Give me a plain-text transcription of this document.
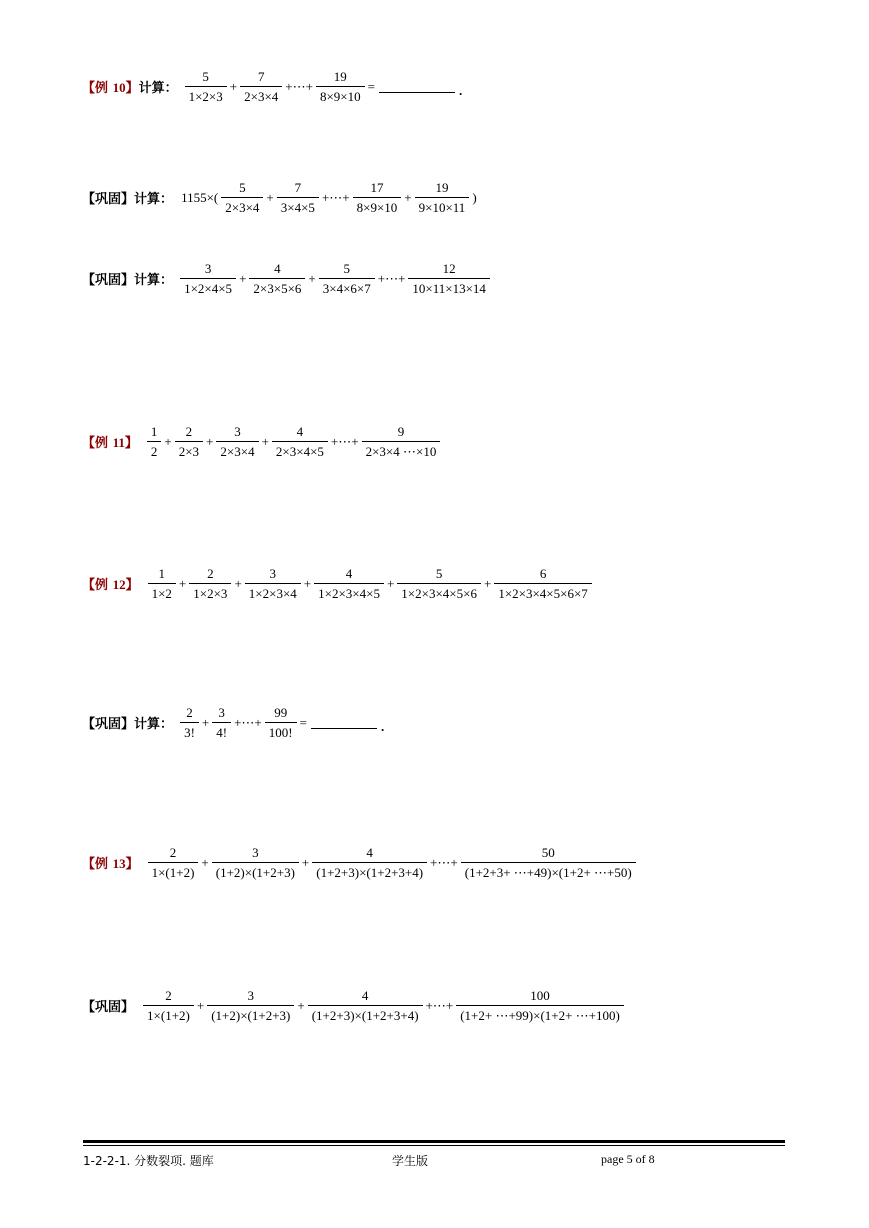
【例 10】 计算： $\frac{5}{1\times 2\times 3} + \frac{7}{2\times 3\times 4}$ +⋯+ $\frac{19}{8\times 9\times 10}$ =	.
【巩固】 计算： $1155\times( \frac{5}{2\times 3\times 4} + \frac{7}{3\times 4\times 5}$ +⋯+ $\frac{17}{8\times 9\times 10} + \frac{19}{9\times 10\times 11}$ )
【巩固】 计算： $\frac{3}{1\times 2\times 4\times 5} + \frac{4}{2\times 3\times 5\times 6} + \frac{5}{3\times 4\times 6\times 7}$ +⋯+ $\frac{12}{10\times 11\times 13\times 14}$
【例 11】 $\frac{1}{2} + \frac{2}{2\times 3} + \frac{3}{2\times 3\times 4} + \frac{4}{2\times 3\times 4\times 5}$ +⋯+ $\frac{9}{2\times 3\times 4 \cdots\times 10}$
【例 12】 $\frac{1}{1\times 2} + \frac{2}{1\times 2\times 3} + \frac{3}{1\times 2\times 3\times 4} + \frac{4}{1\times 2\times 3\times 4\times 5} + \frac{5}{1\times 2\times 3\times 4\times 5\times 6} + \frac{6}{1\times 2\times 3\times 4\times 5\times 6\times 7}$
【巩固】 计算： $\frac{2}{3!} + \frac{3}{4!}$ +⋯+ $\frac{99}{100!}$ =	.
【例 13】 $\frac{2}{1\times(1+2)} + \frac{3}{(1+2)\times(1+2+3)} + \frac{4}{(1+2+3)\times(1+2+3+4)}$ +⋯+ $\frac{50}{(1+2+3+ \cdots+49)\times(1+2+ \cdots+50)}$
【巩固】 $\frac{2}{1\times(1+2)} + \frac{3}{(1+2)\times(1+2+3)} + \frac{4}{(1+2+3)\times(1+2+3+4)}$ +⋯+ $\frac{100}{(1+2+ \cdots+99)\times(1+2+ \cdots+100)}$
1-2-2-1. 分数裂项. 题库	学生版	page 5 of 8
